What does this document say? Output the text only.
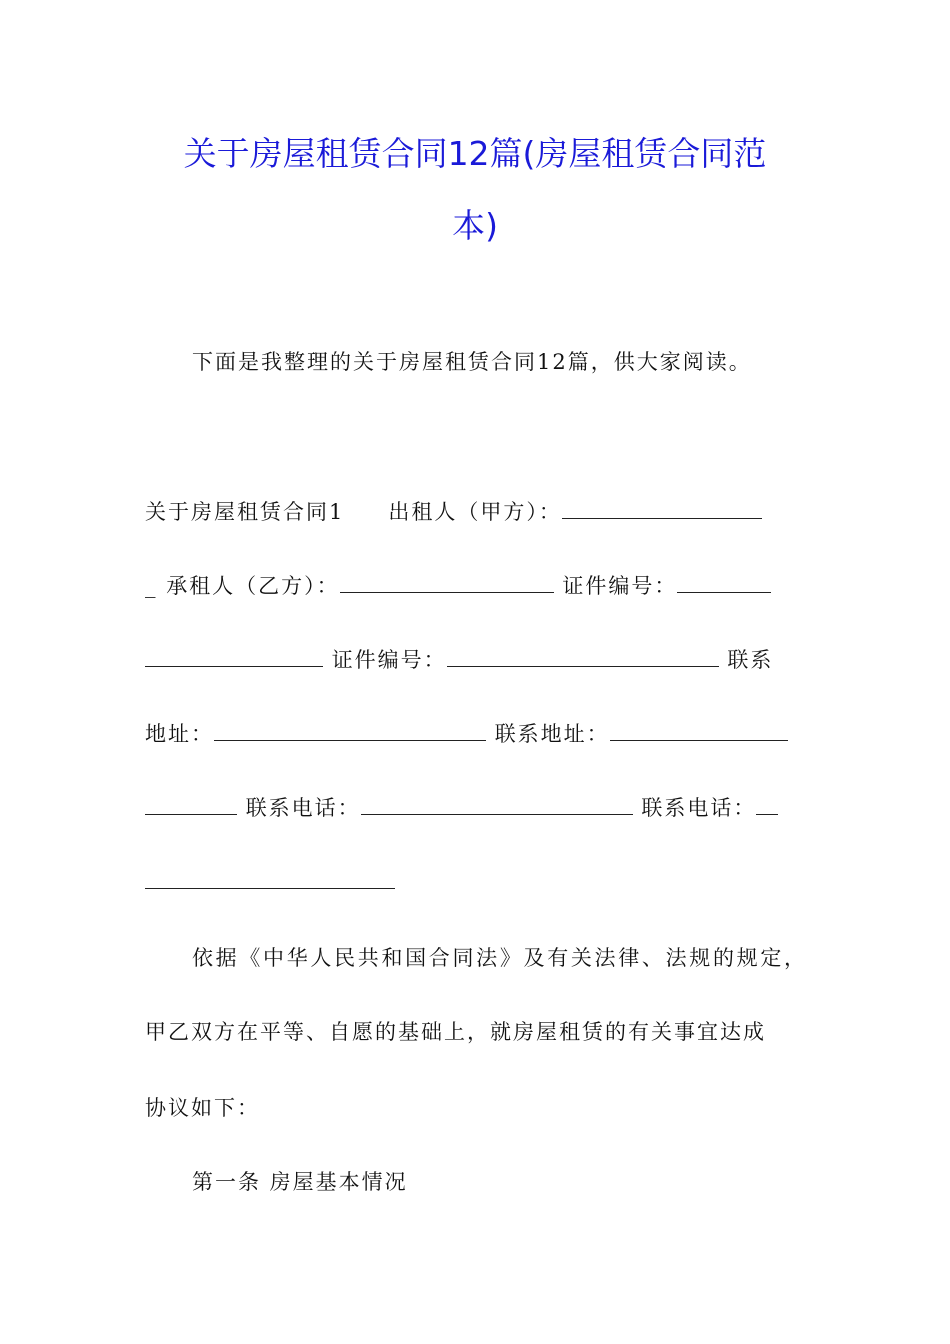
关于房屋租赁合同12篇(房屋租赁合同范
本)
下面是我整理的关于房屋租赁合同12篇，供大家阅读。
关于房屋租赁合同1 出租人（甲方）：
_ 承租人（乙方）：	证件编号：
证件编号：	联系
地址：	联系地址：
联系电话：	联系电话：
依据《中华人民共和国合同法》及有关法律、法规的规定，
甲乙双方在平等、自愿的基础上，就房屋租赁的有关事宜达成
协议如下：
第一条 房屋基本情况
